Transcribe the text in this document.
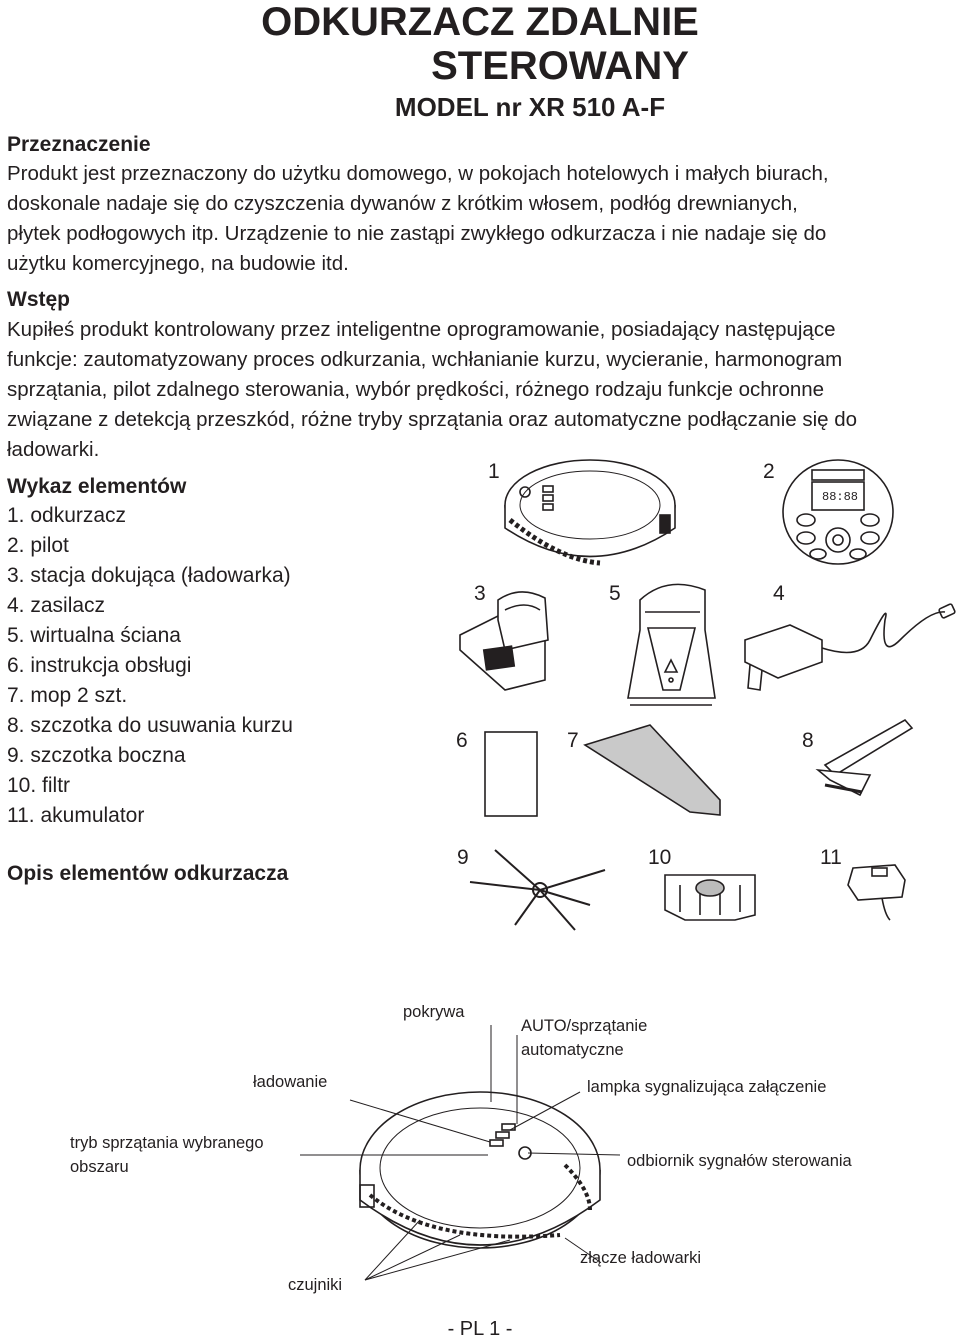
ODKURZACZ ZDALNIE
STEROWANY
MODEL nr XR 510 A-F
Przeznaczenie
Produkt jest przeznaczony do użytku domowego, w pokojach hotelowych i małych biurach,
doskonale nadaje się do czyszczenia dywanów z krótkim włosem, podłóg drewnianych,
płytek podłogowych itp. Urządzenie to nie zastąpi zwykłego odkurzacza i nie nadaje się do
użytku komercyjnego, na budowie itd.
Wstęp
Kupiłeś produkt kontrolowany przez inteligentne oprogramowanie, posiadający następujące
funkcje: zautomatyzowany proces odkurzania, wchłanianie kurzu, wycieranie, harmonogram
sprzątania, pilot zdalnego sterowania, wybór prędkości, różnego rodzaju funkcje ochronne
związane z detekcją przeszkód, różne tryby sprzątania oraz automatyczne podłączanie się do
ładowarki.
Wykaz elementów
1. odkurzacz
2. pilot
3. stacja dokująca (ładowarka)
4. zasilacz
5. wirtualna ściana
6. instrukcja obsługi
7. mop 2 szt.
8. szczotka do usuwania kurzu
9. szczotka boczna
10. filtr
11. akumulator
Opis elementów odkurzacza
1	2
3	5	4
6	7	8
9	10	11
88:88
pokrywa
AUTO/sprzątanie
automatyczne
ładowanie	lampka sygnalizująca załączenie
tryb sprzątania wybranego
obszaru	odbiornik sygnałów sterowania
złącze ładowarki
czujniki
- PL 1 -
